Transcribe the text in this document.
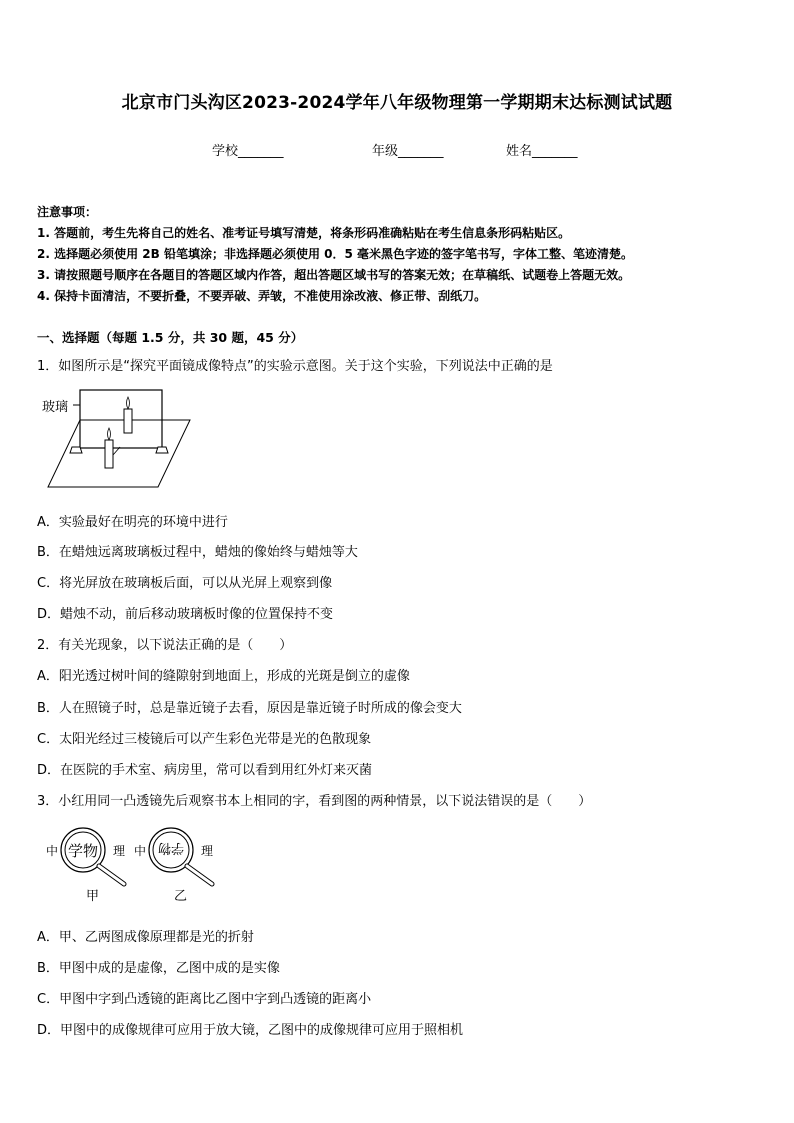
北京市门头沟区2023-2024学年八年级物理第一学期期末达标测试试题
学校_______	年级_______	姓名_______
注意事项：
1. 答题前，考生先将自己的姓名、准考证号填写清楚，将条形码准确粘贴在考生信息条形码粘贴区。
2. 选择题必须使用 2B 铅笔填涂；非选择题必须使用 0．5 毫米黑色字迹的签字笔书写，字体工整、笔迹清楚。
3. 请按照题号顺序在各题目的答题区域内作答，超出答题区域书写的答案无效；在草稿纸、试题卷上答题无效。
4. 保持卡面清洁，不要折叠，不要弄破、弄皱，不准使用涂改液、修正带、刮纸刀。
一、选择题（每题 1.5 分，共 30 题，45 分）
1．如图所示是“探究平面镜成像特点”的实验示意图。关于这个实验，下列说法中正确的是
玻璃
A．实验最好在明亮的环境中进行
B．在蜡烛远离玻璃板过程中，蜡烛的像始终与蜡烛等大
C．将光屏放在玻璃板后面，可以从光屏上观察到像
D．蜡烛不动，前后移动玻璃板时像的位置保持不变
2．有关光现象，以下说法正确的是（　　）
A．阳光透过树叶间的缝隙射到地面上，形成的光斑是倒立的虚像
B．人在照镜子时，总是靠近镜子去看，原因是靠近镜子时所成的像会变大
C．太阳光经过三棱镜后可以产生彩色光带是光的色散现象
D．在医院的手术室、病房里，常可以看到用红外灯来灭菌
3．小红用同一凸透镜先后观察书本上相同的字，看到图的两种情景，以下说法错误的是（　　）
中 学物 理
甲
中 学物 理
乙
A．甲、乙两图成像原理都是光的折射
B．甲图中成的是虚像，乙图中成的是实像
C．甲图中字到凸透镜的距离比乙图中字到凸透镜的距离小
D．甲图中的成像规律可应用于放大镜，乙图中的成像规律可应用于照相机
